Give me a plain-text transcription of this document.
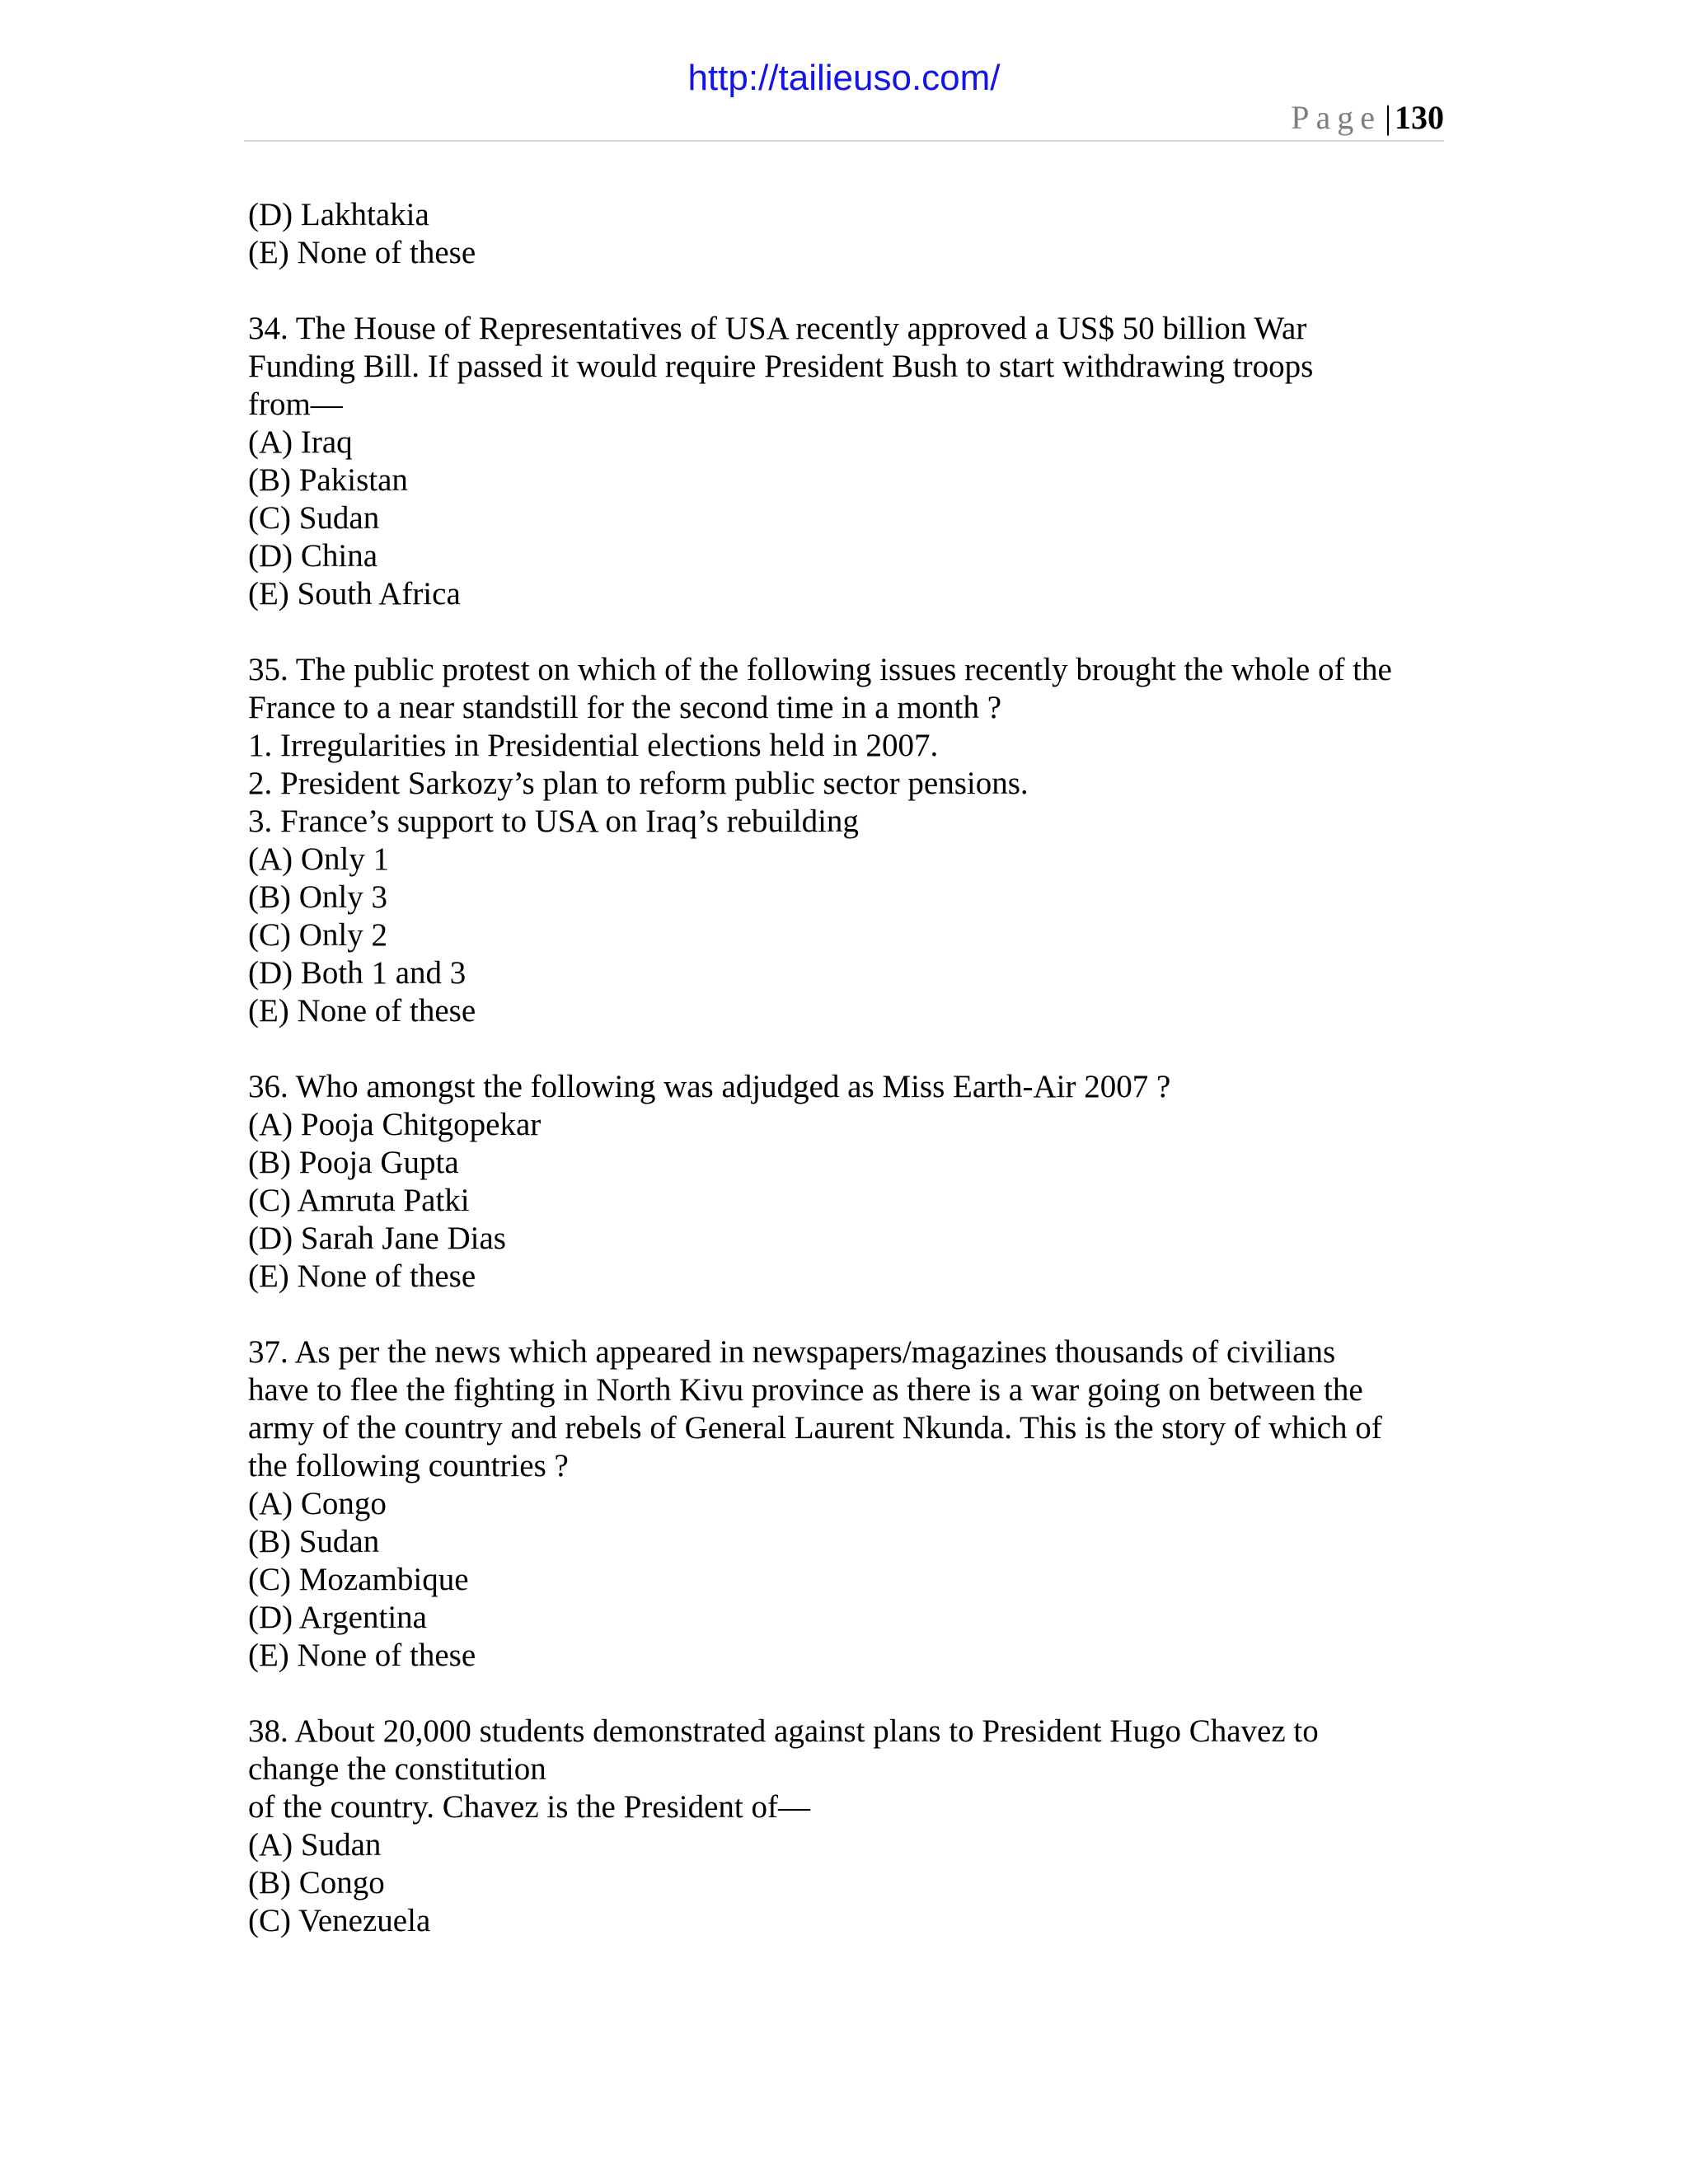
http://tailieuso.com/
Page | 130
(D) Lakhtakia
(E) None of these
34. The House of Representatives of USA recently approved a US$ 50 billion War
Funding Bill. If passed it would require President Bush to start withdrawing troops
from—
(A) Iraq
(B) Pakistan
(C) Sudan
(D) China
(E) South Africa
35. The public protest on which of the following issues recently brought the whole of the
France to a near standstill for the second time in a month ?
1. Irregularities in Presidential elections held in 2007.
2. President Sarkozy’s plan to reform public sector pensions.
3. France’s support to USA on Iraq’s rebuilding
(A) Only 1
(B) Only 3
(C) Only 2
(D) Both 1 and 3
(E) None of these
36. Who amongst the following was adjudged as Miss Earth-Air 2007 ?
(A) Pooja Chitgopekar
(B) Pooja Gupta
(C) Amruta Patki
(D) Sarah Jane Dias
(E) None of these
37. As per the news which appeared in newspapers/magazines thousands of civilians
have to flee the fighting in North Kivu province as there is a war going on between the
army of the country and rebels of General Laurent Nkunda. This is the story of which of
the following countries ?
(A) Congo
(B) Sudan
(C) Mozambique
(D) Argentina
(E) None of these
38. About 20,000 students demonstrated against plans to President Hugo Chavez to
change the constitution
of the country. Chavez is the President of—
(A) Sudan
(B) Congo
(C) Venezuela
